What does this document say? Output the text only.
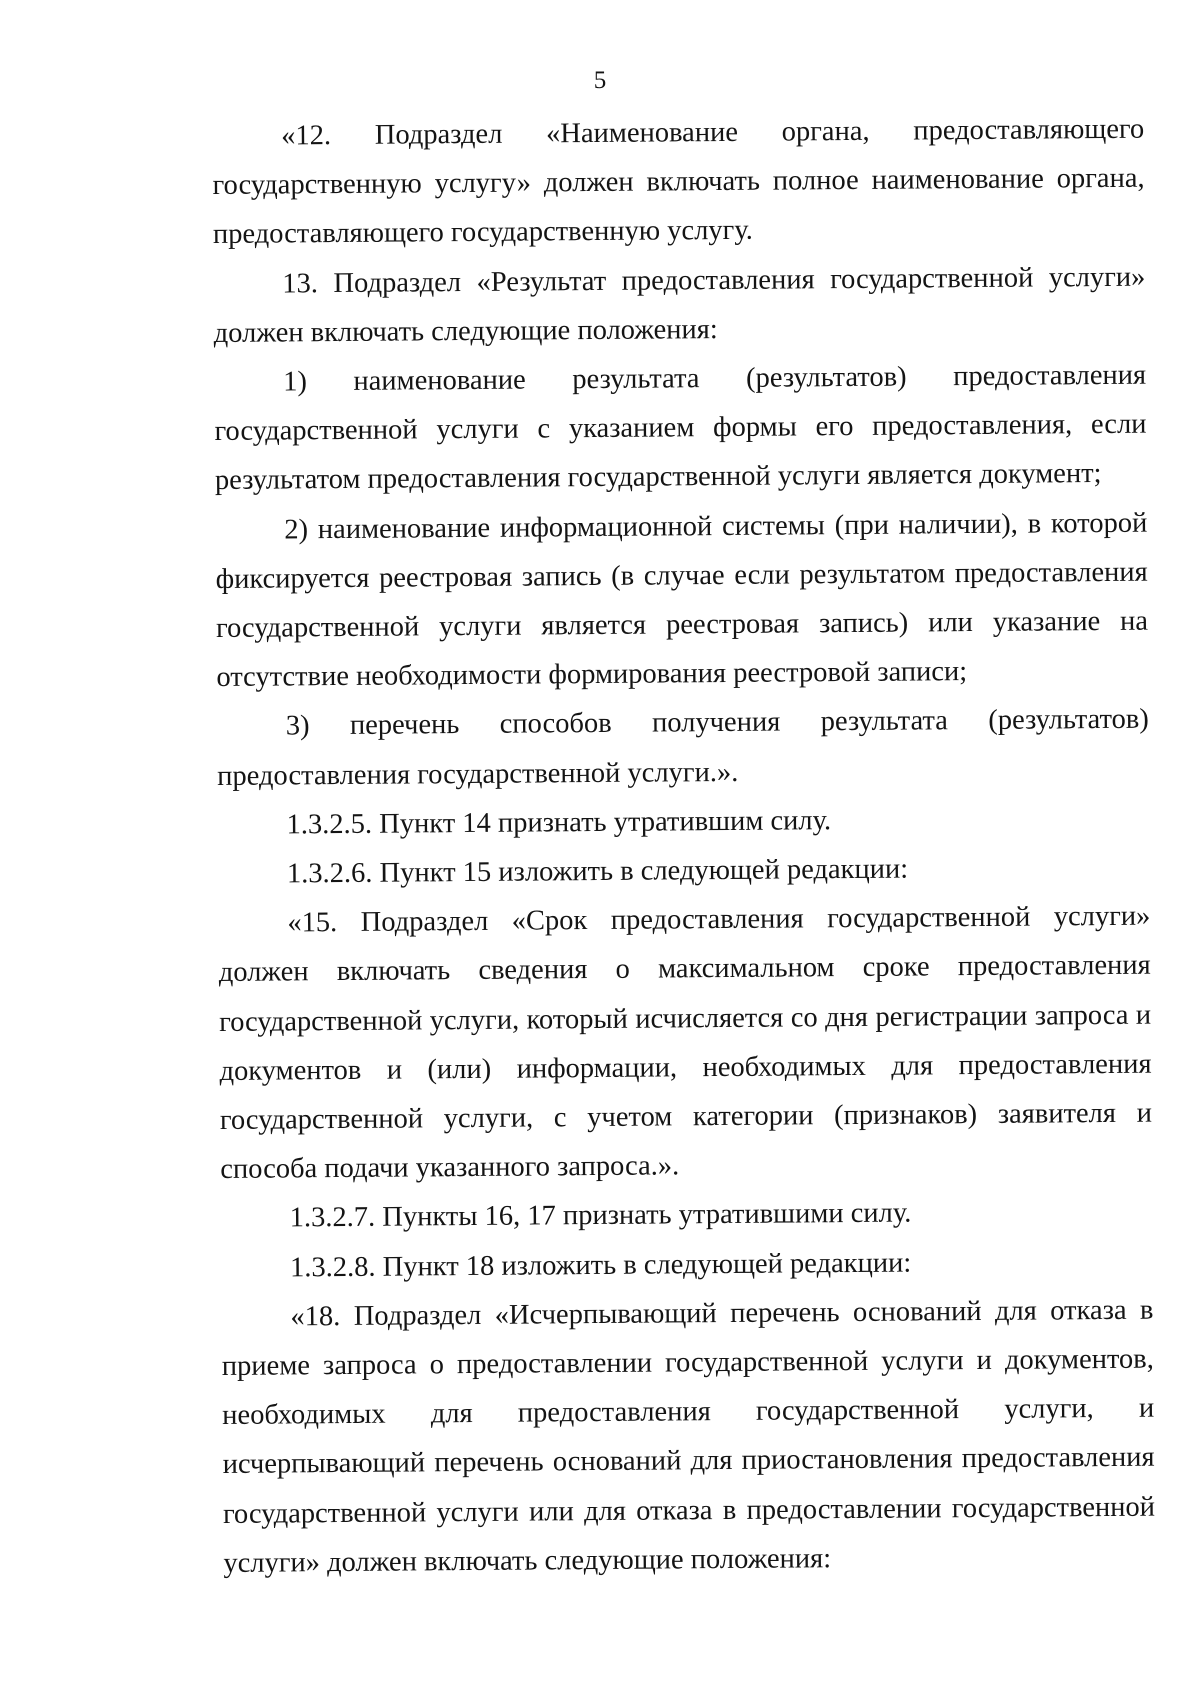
5

«12. Подраздел «Наименование органа, предоставляющего государственную услугу» должен включать полное наименование органа, предоставляющего государственную услугу.

13. Подраздел «Результат предоставления государственной услуги» должен включать следующие положения:

1) наименование результата (результатов) предоставления государственной услуги с указанием формы его предоставления, если результатом предоставления государственной услуги является документ;

2) наименование информационной системы (при наличии), в которой фиксируется реестровая запись (в случае если результатом предоставления государственной услуги является реестровая запись) или указание на отсутствие необходимости формирования реестровой записи;

3) перечень способов получения результата (результатов) предоставления государственной услуги.».

1.3.2.5. Пункт 14 признать утратившим силу.

1.3.2.6. Пункт 15 изложить в следующей редакции:

«15. Подраздел «Срок предоставления государственной услуги» должен включать сведения о максимальном сроке предоставления государственной услуги, который исчисляется со дня регистрации запроса и документов и (или) информации, необходимых для предоставления государственной услуги, с учетом категории (признаков) заявителя и способа подачи указанного запроса.».

1.3.2.7. Пункты 16, 17 признать утратившими силу.

1.3.2.8. Пункт 18 изложить в следующей редакции:

«18. Подраздел «Исчерпывающий перечень оснований для отказа в приеме запроса о предоставлении государственной услуги и документов, необходимых для предоставления государственной услуги, и исчерпывающий перечень оснований для приостановления предоставления государственной услуги или для отказа в предоставлении государственной услуги» должен включать следующие положения:
